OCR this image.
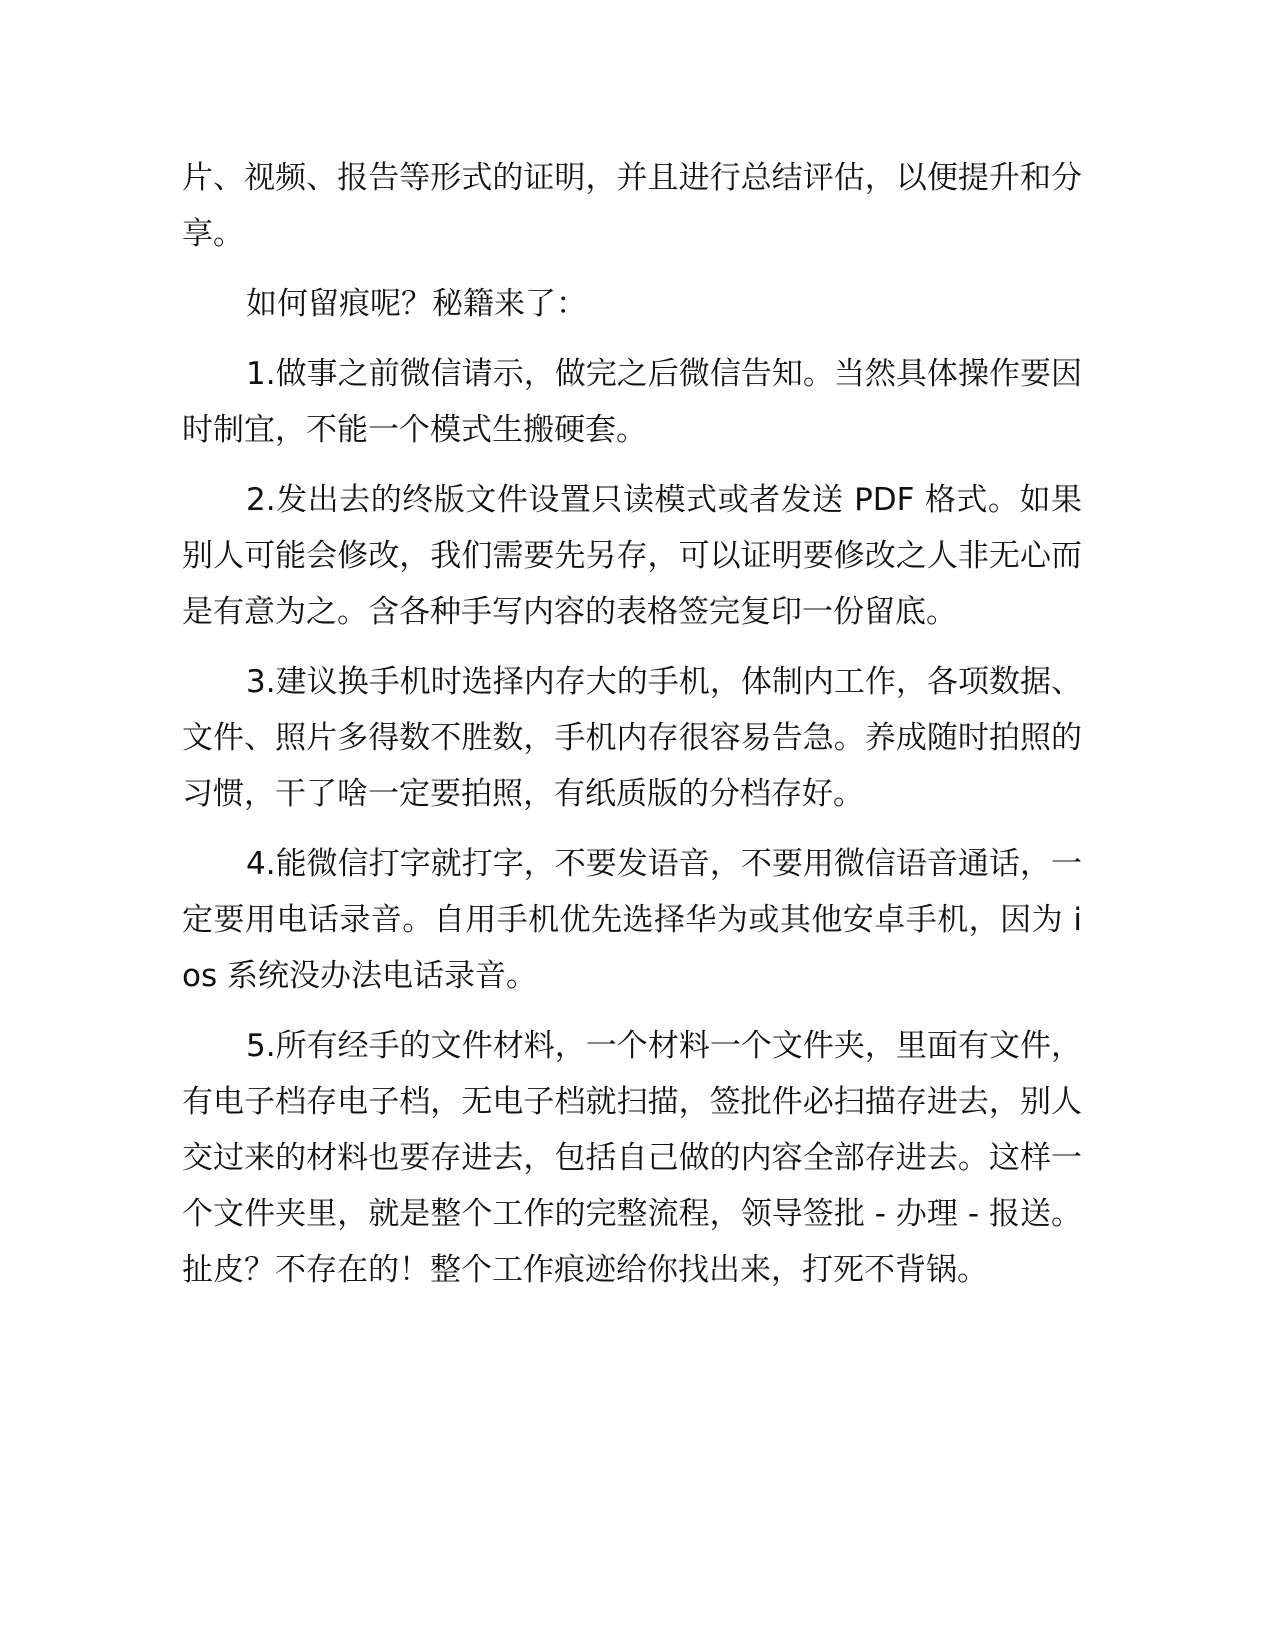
片、视频、报告等形式的证明，并且进行总结评估，以便提升和分享。

如何留痕呢？秘籍来了：

1.做事之前微信请示，做完之后微信告知。当然具体操作要因时制宜，不能一个模式生搬硬套。

2.发出去的终版文件设置只读模式或者发送 PDF 格式。如果别人可能会修改，我们需要先另存，可以证明要修改之人非无心而是有意为之。含各种手写内容的表格签完复印一份留底。

3.建议换手机时选择内存大的手机，体制内工作，各项数据、文件、照片多得数不胜数，手机内存很容易告急。养成随时拍照的习惯，干了啥一定要拍照，有纸质版的分档存好。

4.能微信打字就打字，不要发语音，不要用微信语音通话，一定要用电话录音。自用手机优先选择华为或其他安卓手机，因为 ios 系统没办法电话录音。

5.所有经手的文件材料，一个材料一个文件夹，里面有文件，有电子档存电子档，无电子档就扫描，签批件必扫描存进去，别人交过来的材料也要存进去，包括自己做的内容全部存进去。这样一个文件夹里，就是整个工作的完整流程，领导签批 - 办理 - 报送。扯皮？不存在的！整个工作痕迹给你找出来，打死不背锅。
